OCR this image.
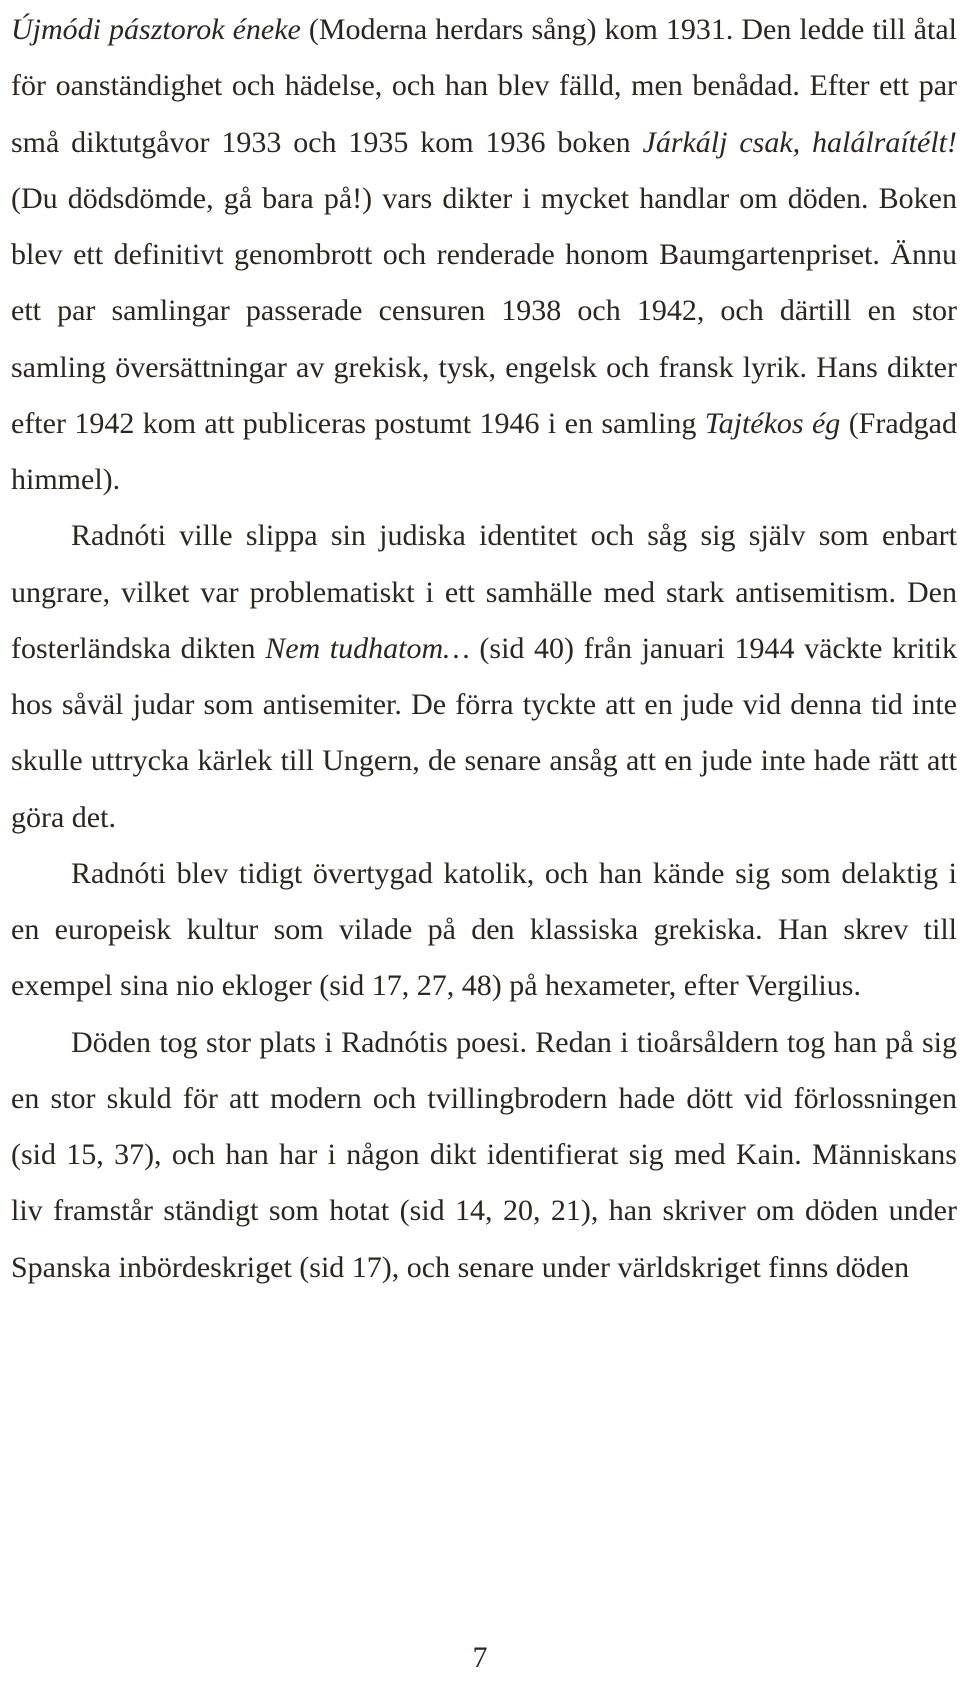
Újmódi pásztorok éneke (Moderna herdars sång) kom 1931. Den ledde till åtal för oanständighet och hädelse, och han blev fälld, men benådad. Efter ett par små diktutgåvor 1933 och 1935 kom 1936 boken Járkálj csak, halálraítélt! (Du dödsdömde, gå bara på!) vars dikter i mycket handlar om döden. Boken blev ett definitivt genombrott och renderade honom Baumgartenpriset. Ännu ett par samlingar passerade censuren 1938 och 1942, och därtill en stor samling översättningar av grekisk, tysk, engelsk och fransk lyrik. Hans dikter efter 1942 kom att publiceras postumt 1946 i en samling Tajtékos ég (Fradgad himmel).

Radnóti ville slippa sin judiska identitet och såg sig själv som enbart ungrare, vilket var problematiskt i ett samhälle med stark antisemitism. Den fosterländska dikten Nem tudhatom… (sid 40) från januari 1944 väckte kritik hos såväl judar som antisemiter. De förra tyckte att en jude vid denna tid inte skulle uttrycka kärlek till Ungern, de senare ansåg att en jude inte hade rätt att göra det.

Radnóti blev tidigt övertygad katolik, och han kände sig som delaktig i en europeisk kultur som vilade på den klassiska grekiska. Han skrev till exempel sina nio ekloger (sid 17, 27, 48) på hexameter, efter Vergilius.

Döden tog stor plats i Radnótis poesi. Redan i tioårsåldern tog han på sig en stor skuld för att modern och tvillingbrodern hade dött vid förlossningen (sid 15, 37), och han har i någon dikt identifierat sig med Kain. Människans liv framstår ständigt som hotat (sid 14, 20, 21), han skriver om döden under Spanska inbördeskriget (sid 17), och senare under världskriget finns döden

7
